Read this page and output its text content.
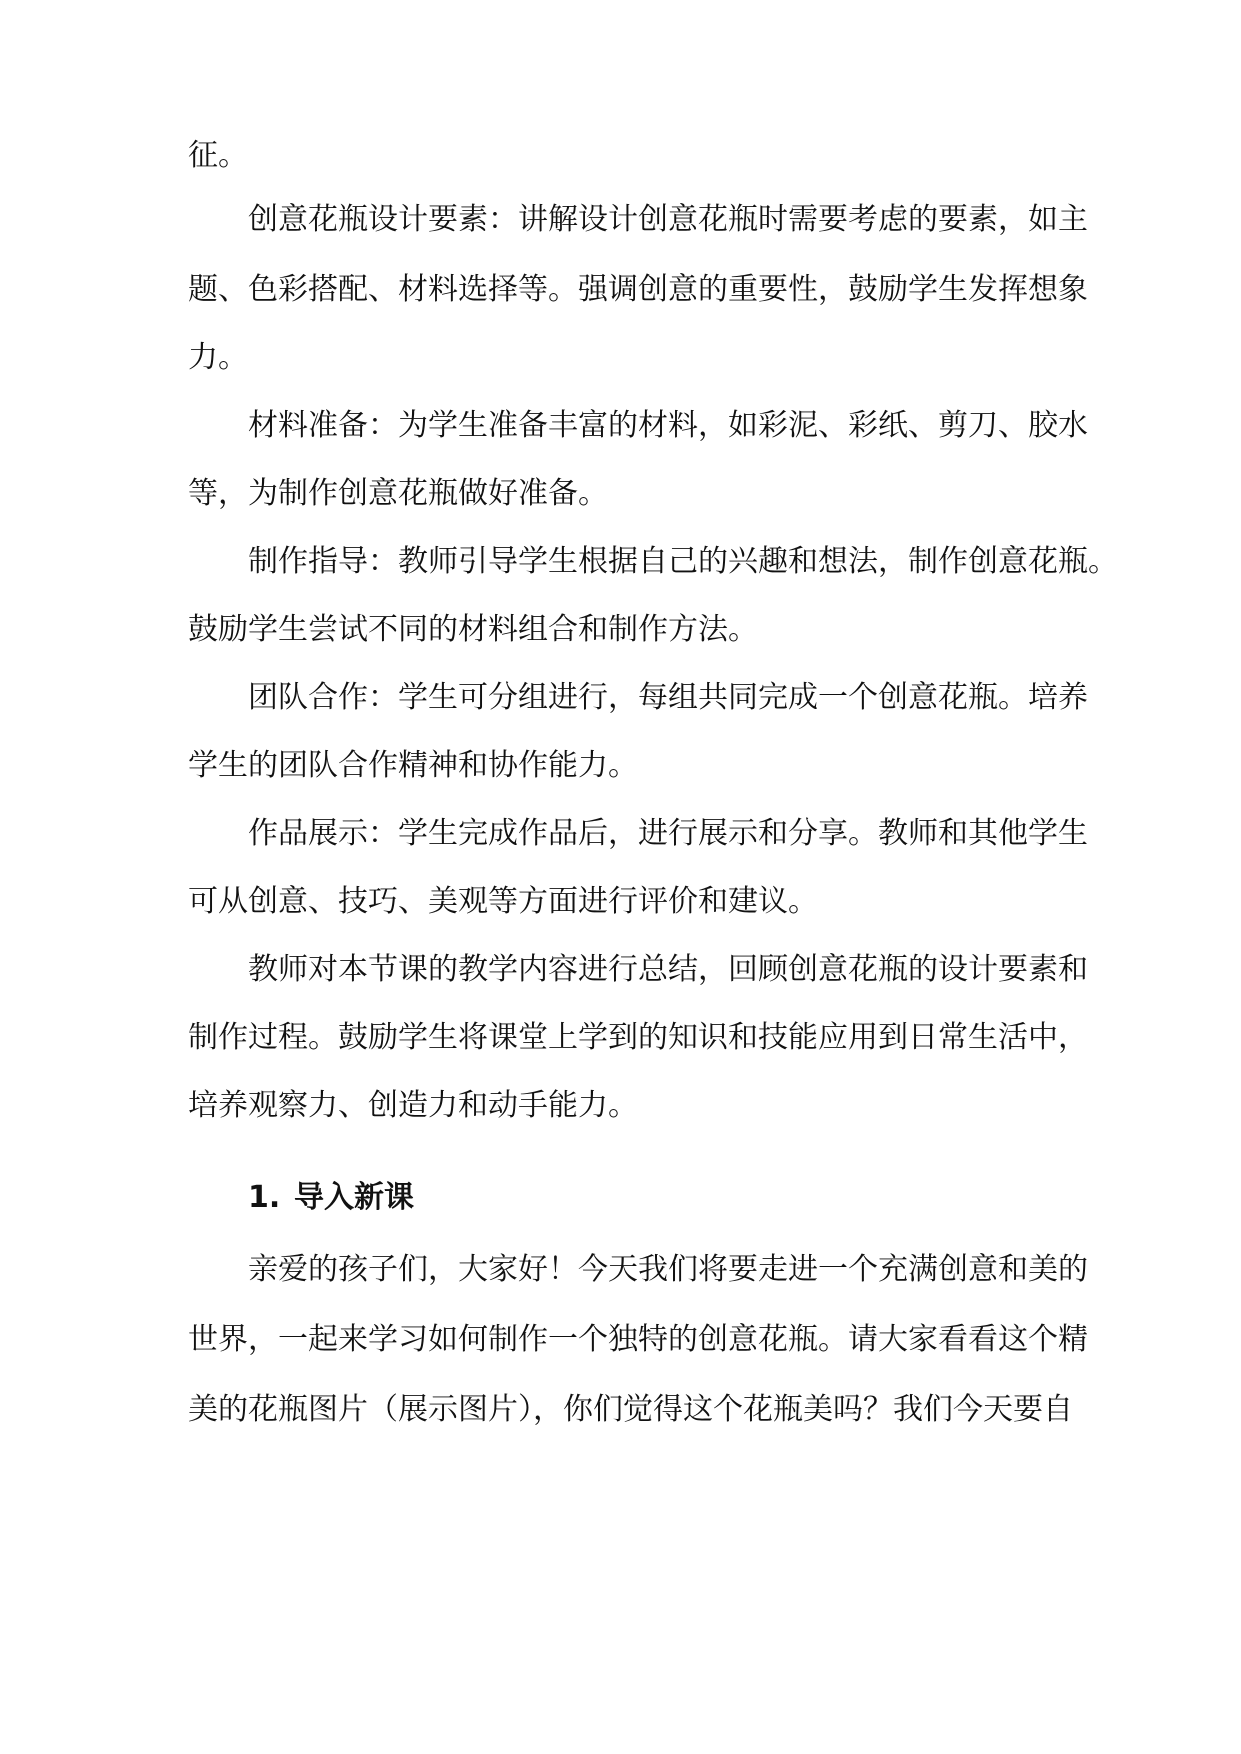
征。
创意花瓶设计要素：讲解设计创意花瓶时需要考虑的要素，如主
题、色彩搭配、材料选择等。强调创意的重要性，鼓励学生发挥想象
力。
材料准备：为学生准备丰富的材料，如彩泥、彩纸、剪刀、胶水
等，为制作创意花瓶做好准备。
制作指导：教师引导学生根据自己的兴趣和想法，制作创意花瓶。
鼓励学生尝试不同的材料组合和制作方法。
团队合作：学生可分组进行，每组共同完成一个创意花瓶。培养
学生的团队合作精神和协作能力。
作品展示：学生完成作品后，进行展示和分享。教师和其他学生
可从创意、技巧、美观等方面进行评价和建议。
教师对本节课的教学内容进行总结，回顾创意花瓶的设计要素和
制作过程。鼓励学生将课堂上学到的知识和技能应用到日常生活中，
培养观察力、创造力和动手能力。
1. 导入新课
亲爱的孩子们，大家好！今天我们将要走进一个充满创意和美的
世界，一起来学习如何制作一个独特的创意花瓶。请大家看看这个精
美的花瓶图片（展示图片），你们觉得这个花瓶美吗？我们今天要自
